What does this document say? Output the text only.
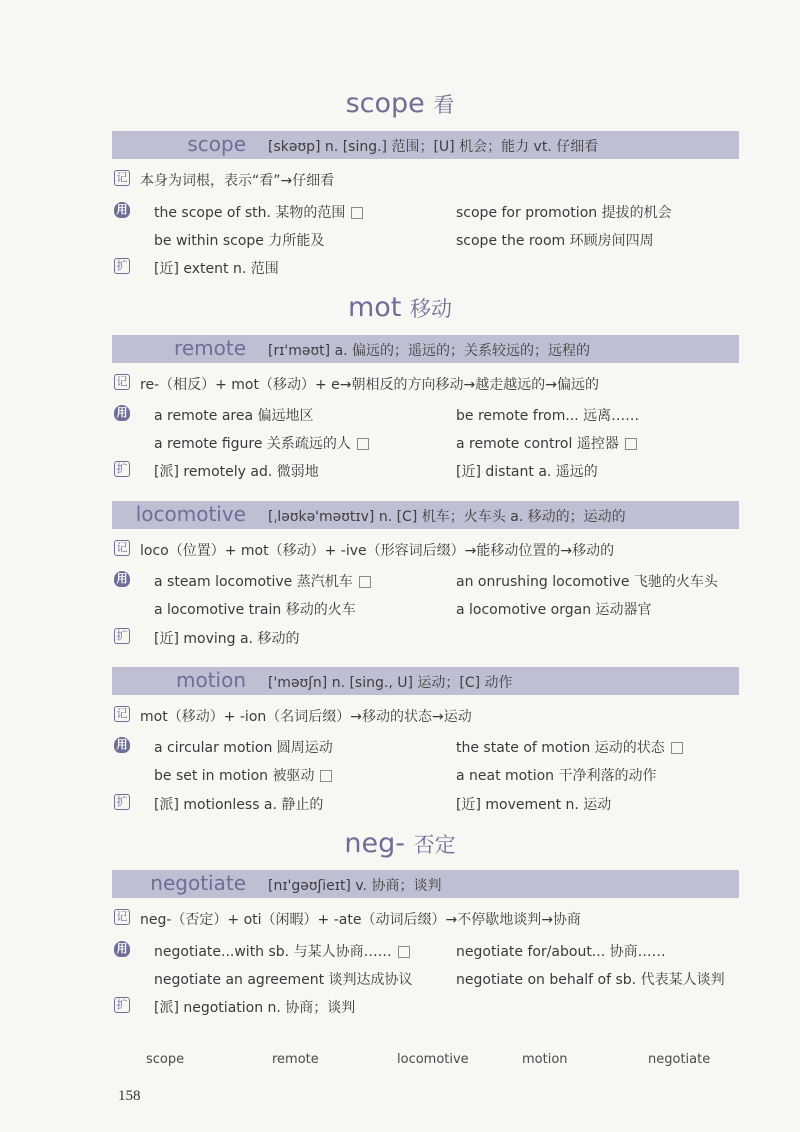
scope 看
scope [skəʊp] n. [sing.] 范围；[U] 机会；能力 vt. 仔细看
记 本身为词根，表示“看”→仔细看
用 the scope of sth. 某物的范围	scope for promotion 提拔的机会
be within scope 力所能及	scope the room 环顾房间四周
扩 [近] extent n. 范围
mot 移动
remote [rɪ'məʊt] a. 偏远的；遥远的；关系较远的；远程的
记 re-（相反）+ mot（移动）+ e→朝相反的方向移动→越走越远的→偏远的
用 a remote area 偏远地区	be remote from... 远离……
a remote figure 关系疏远的人	a remote control 遥控器
扩 [派] remotely ad. 微弱地	[近] distant a. 遥远的
locomotive [ˌləʊkə'məʊtɪv] n. [C] 机车；火车头 a. 移动的；运动的
记 loco（位置）+ mot（移动）+ -ive（形容词后缀）→能移动位置的→移动的
用 a steam locomotive 蒸汽机车	an onrushing locomotive 飞驰的火车头
a locomotive train 移动的火车	a locomotive organ 运动器官
扩 [近] moving a. 移动的
motion ['məʊʃn] n. [sing., U] 运动；[C] 动作
记 mot（移动）+ -ion（名词后缀）→移动的状态→运动
用 a circular motion 圆周运动	the state of motion 运动的状态
be set in motion 被驱动	a neat motion 干净利落的动作
扩 [派] motionless a. 静止的	[近] movement n. 运动
neg- 否定
negotiate [nɪ'gəʊʃieɪt] v. 协商；谈判
记 neg-（否定）+ oti（闲暇）+ -ate（动词后缀）→不停歇地谈判→协商
用 negotiate...with sb. 与某人协商……	negotiate for/about... 协商……
negotiate an agreement 谈判达成协议	negotiate on behalf of sb. 代表某人谈判
扩 [派] negotiation n. 协商；谈判
scope	remote	locomotive	motion	negotiate
158
